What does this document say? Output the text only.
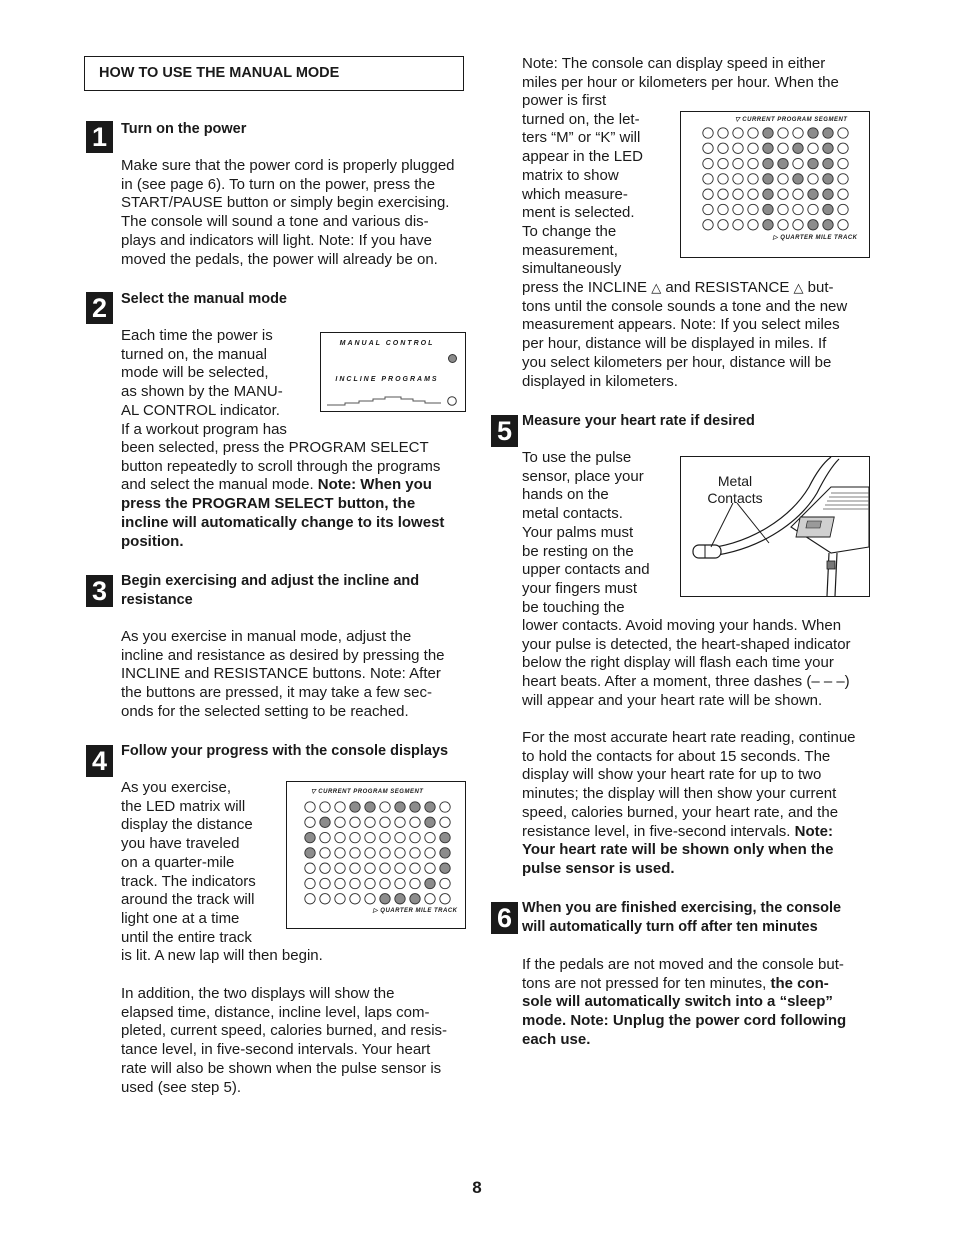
HOW TO USE THE MANUAL MODE
1 Turn on the power
Make sure that the power cord is properly plugged
in (see page 6). To turn on the power, press the
START/PAUSE button or simply begin exercising.
The console will sound a tone and various dis-
plays and indicators will light. Note: If you have
moved the pedals, the power will already be on.
2 Select the manual mode
Each time the power is
turned on, the manual
mode will be selected,
as shown by the MANU-
AL CONTROL indicator.
If a workout program has
been selected, press the PROGRAM SELECT
button repeatedly to scroll through the programs
and select the manual mode. Note: When you
press the PROGRAM SELECT button, the
incline will automatically change to its lowest
position.
MANUAL CONTROL
INCLINE PROGRAMS
3 Begin exercising and adjust the incline and
resistance
As you exercise in manual mode, adjust the
incline and resistance as desired by pressing the
INCLINE and RESISTANCE buttons. Note: After
the buttons are pressed, it may take a few sec-
onds for the selected setting to be reached.
4 Follow your progress with the console displays
As you exercise,
the LED matrix will
display the distance
you have traveled
on a quarter-mile
track. The indicators
around the track will
light one at a time
until the entire track
is lit. A new lap will then begin.
In addition, the two displays will show the
elapsed time, distance, incline level, laps com-
pleted, current speed, calories burned, and resis-
tance level, in five-second intervals. Your heart
rate will also be shown when the pulse sensor is
used (see step 5).
▽ CURRENT PROGRAM SEGMENT
▷ QUARTER MILE TRACK
Note: The console can display speed in either
miles per hour or kilometers per hour. When the
power is first
turned on, the let-
ters “M” or “K” will
appear in the LED
matrix to show
which measure-
ment is selected.
To change the
measurement,
simultaneously
press the INCLINE △ and RESISTANCE △ but-
tons until the console sounds a tone and the new
measurement appears. Note: If you select miles
per hour, distance will be displayed in miles. If
you select kilometers per hour, distance will be
displayed in kilometers.
▽ CURRENT PROGRAM SEGMENT
▷ QUARTER MILE TRACK
5 Measure your heart rate if desired
To use the pulse
sensor, place your
hands on the
metal contacts.
Your palms must
be resting on the
upper contacts and
your fingers must
be touching the
lower contacts. Avoid moving your hands. When
your pulse is detected, the heart-shaped indicator
below the right display will flash each time your
heart beats. After a moment, three dashes (– – –)
will appear and your heart rate will be shown.
For the most accurate heart rate reading, continue
to hold the contacts for about 15 seconds. The
display will show your heart rate for up to two
minutes; the display will then show your current
speed, calories burned, your heart rate, and the
resistance level, in five-second intervals. Note:
Your heart rate will be shown only when the
pulse sensor is used.
Metal
Contacts
6 When you are finished exercising, the console
will automatically turn off after ten minutes
If the pedals are not moved and the console but-
tons are not pressed for ten minutes, the con-
sole will automatically switch into a “sleep”
mode. Note: Unplug the power cord following
each use.
8
